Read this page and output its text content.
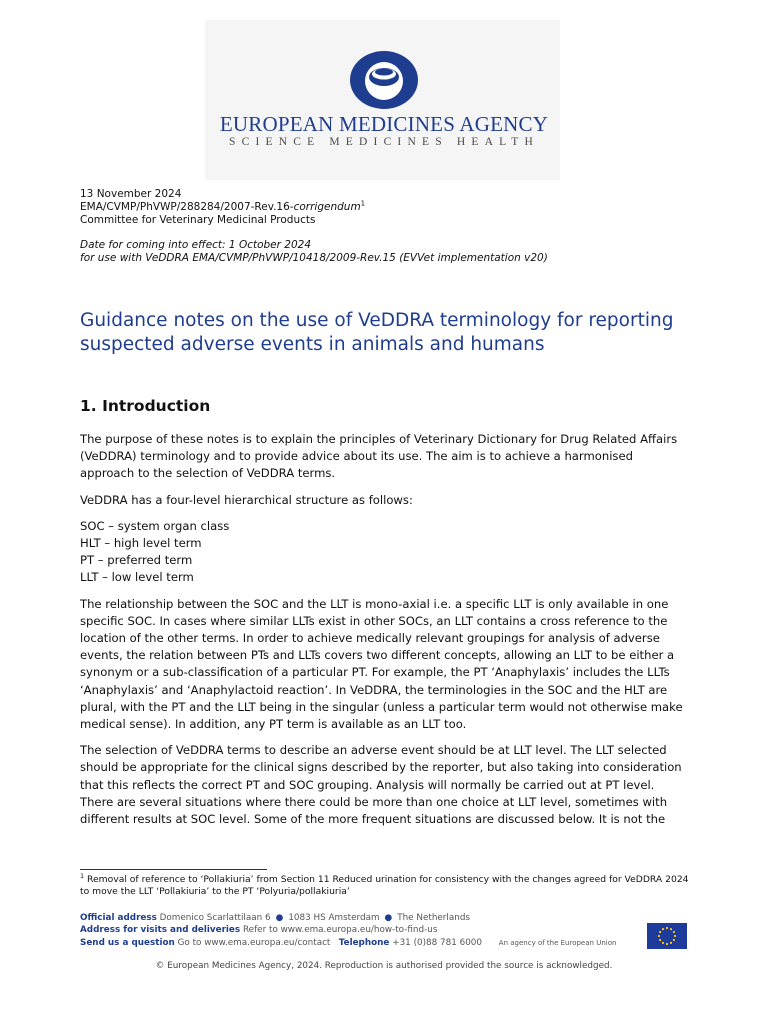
EUROPEAN MEDICINES AGENCY
SCIENCE MEDICINES HEALTH
13 November 2024
EMA/CVMP/PhVWP/288284/2007-Rev.16-corrigendum$^1$
Committee for Veterinary Medicinal Products
Date for coming into effect: 1 October 2024
for use with VeDDRA EMA/CVMP/PhVWP/10418/2009-Rev.15 (EVVet implementation v20)
Guidance notes on the use of VeDDRA terminology for reporting suspected adverse events in animals and humans
1. Introduction

The purpose of these notes is to explain the principles of Veterinary Dictionary for Drug Related Affairs (VeDDRA) terminology and to provide advice about its use. The aim is to achieve a harmonised approach to the selection of VeDDRA terms.

VeDDRA has a four-level hierarchical structure as follows:

SOC – system organ class
HLT – high level term
PT – preferred term
LLT – low level term

The relationship between the SOC and the LLT is mono-axial i.e. a specific LLT is only available in one specific SOC. In cases where similar LLTs exist in other SOCs, an LLT contains a cross reference to the location of the other terms. In order to achieve medically relevant groupings for analysis of adverse events, the relation between PTs and LLTs covers two different concepts, allowing an LLT to be either a synonym or a sub-classification of a particular PT. For example, the PT ‘Anaphylaxis’ includes the LLTs ‘Anaphylaxis’ and ‘Anaphylactoid reaction’. In VeDDRA, the terminologies in the SOC and the HLT are plural, with the PT and the LLT being in the singular (unless a particular term would not otherwise make medical sense). In addition, any PT term is available as an LLT too.

The selection of VeDDRA terms to describe an adverse event should be at LLT level. The LLT selected should be appropriate for the clinical signs described by the reporter, but also taking into consideration that this reflects the correct PT and SOC grouping. Analysis will normally be carried out at PT level. There are several situations where there could be more than one choice at LLT level, sometimes with different results at SOC level. Some of the more frequent situations are discussed below. It is not the

$^1$ Removal of reference to ‘Pollakiuria’ from Section 11 Reduced urination for consistency with the changes agreed for VeDDRA 2024 to move the LLT ‘Pollakiuria’ to the PT ‘Polyuria/pollakiuria’
Official address Domenico Scarlattilaan 6 ● 1083 HS Amsterdam ● The Netherlands
Address for visits and deliveries Refer to www.ema.europa.eu/how-to-find-us
Send us a question Go to www.ema.europa.eu/contact Telephone +31 (0)88 781 6000 An agency of the European Union
© European Medicines Agency, 2024. Reproduction is authorised provided the source is acknowledged.
